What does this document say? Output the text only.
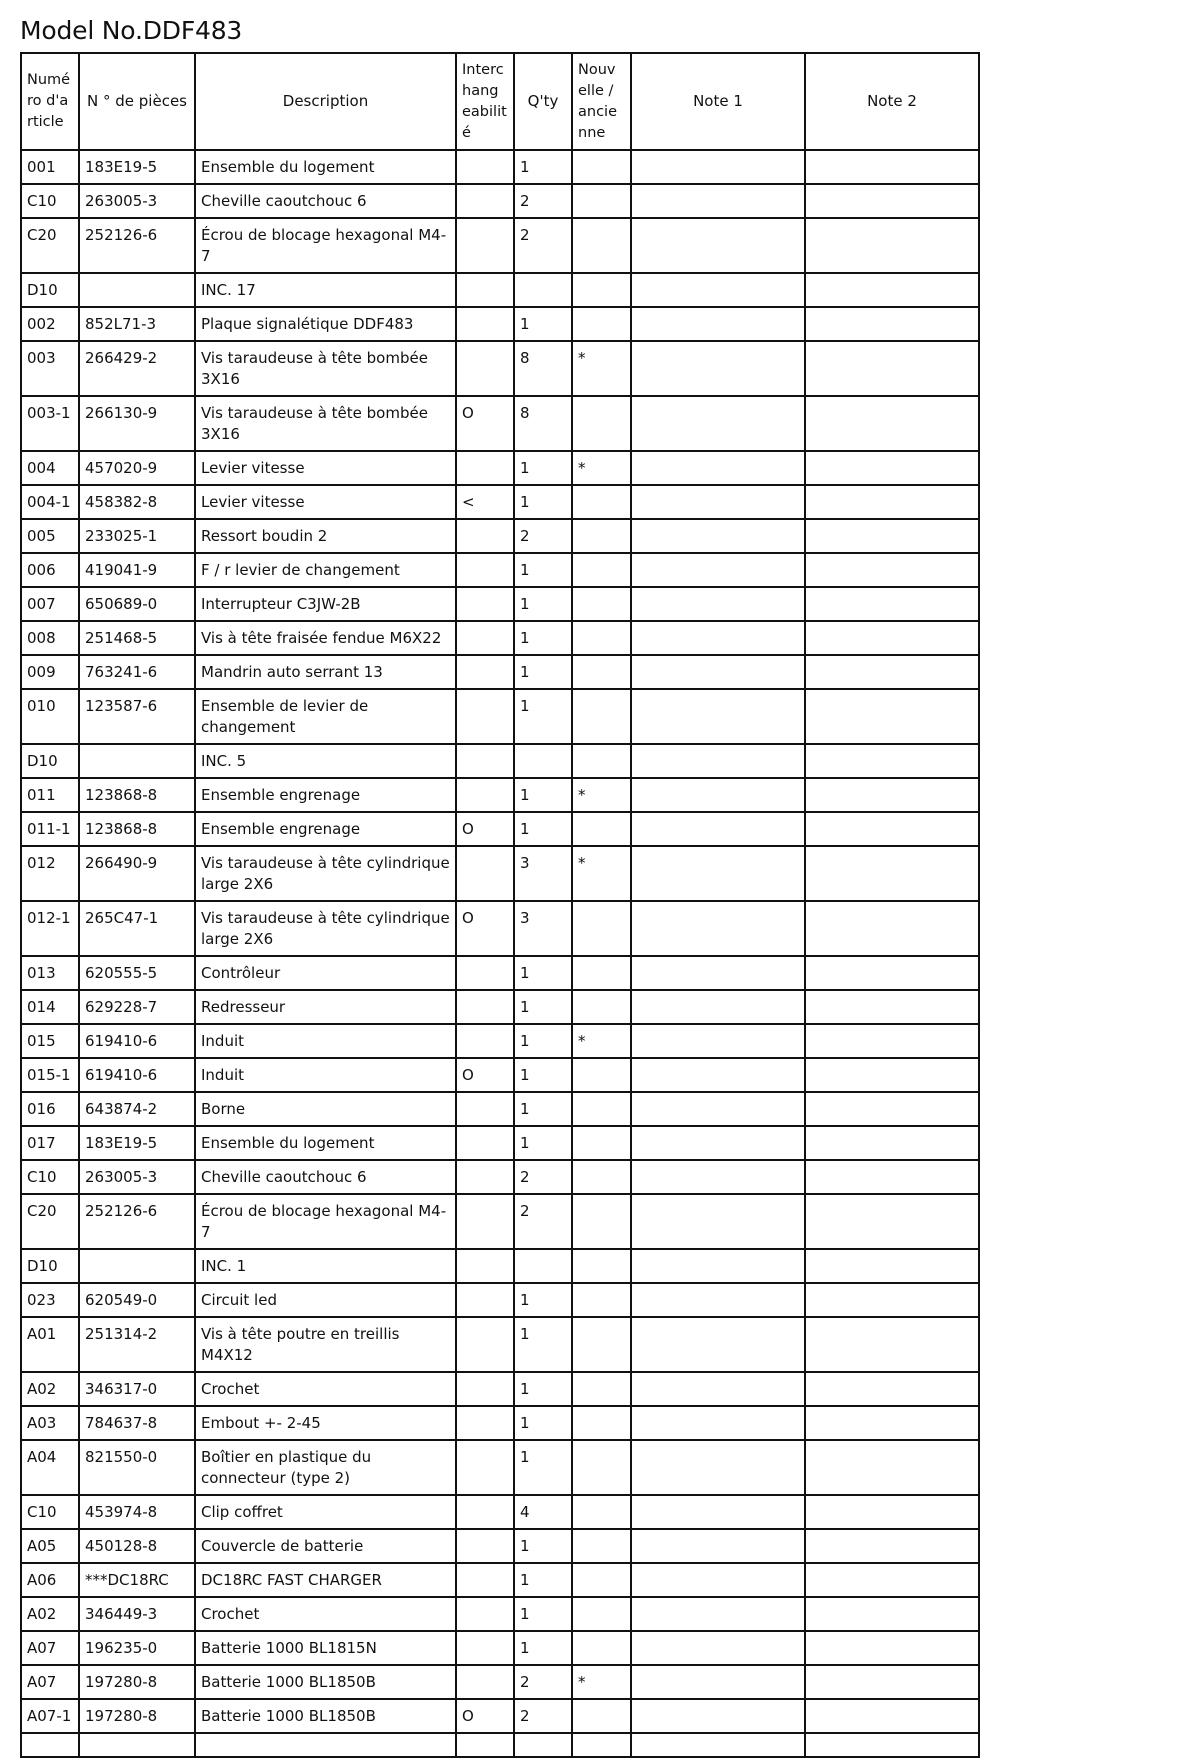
Model No.DDF483
Numé ro d'a rticle	N ° de pièces	Description	Interc hang eabilit é	Q'ty	Nouv elle / ancie nne	Note 1	Note 2
001	183E19-5	Ensemble du logement		1			
C10	263005-3	Cheville caoutchouc 6		2			
C20	252126-6	Écrou de blocage hexagonal M4-7		2			
D10		INC. 17					
002	852L71-3	Plaque signalétique DDF483		1			
003	266429-2	Vis taraudeuse à tête bombée 3X16		8	*		
003-1	266130-9	Vis taraudeuse à tête bombée 3X16	O	8			
004	457020-9	Levier vitesse		1	*		
004-1	458382-8	Levier vitesse	<	1			
005	233025-1	Ressort boudin 2		2			
006	419041-9	F / r levier de changement		1			
007	650689-0	Interrupteur C3JW-2B		1			
008	251468-5	Vis à tête fraisée fendue M6X22		1			
009	763241-6	Mandrin auto serrant 13		1			
010	123587-6	Ensemble de levier de changement		1			
D10		INC. 5					
011	123868-8	Ensemble engrenage		1	*		
011-1	123868-8	Ensemble engrenage	O	1			
012	266490-9	Vis taraudeuse à tête cylindrique large 2X6		3	*		
012-1	265C47-1	Vis taraudeuse à tête cylindrique large 2X6	O	3			
013	620555-5	Contrôleur		1			
014	629228-7	Redresseur		1			
015	619410-6	Induit		1	*		
015-1	619410-6	Induit	O	1			
016	643874-2	Borne		1			
017	183E19-5	Ensemble du logement		1			
C10	263005-3	Cheville caoutchouc 6		2			
C20	252126-6	Écrou de blocage hexagonal M4-7		2			
D10		INC. 1					
023	620549-0	Circuit led		1			
A01	251314-2	Vis à tête poutre en treillis M4X12		1			
A02	346317-0	Crochet		1			
A03	784637-8	Embout +- 2-45		1			
A04	821550-0	Boîtier en plastique du connecteur (type 2)		1			
C10	453974-8	Clip coffret		4			
A05	450128-8	Couvercle de batterie		1			
A06	***DC18RC	DC18RC FAST CHARGER		1			
A02	346449-3	Crochet		1			
A07	196235-0	Batterie 1000 BL1815N		1			
A07	197280-8	Batterie 1000 BL1850B		2	*		
A07-1	197280-8	Batterie 1000 BL1850B	O	2			
